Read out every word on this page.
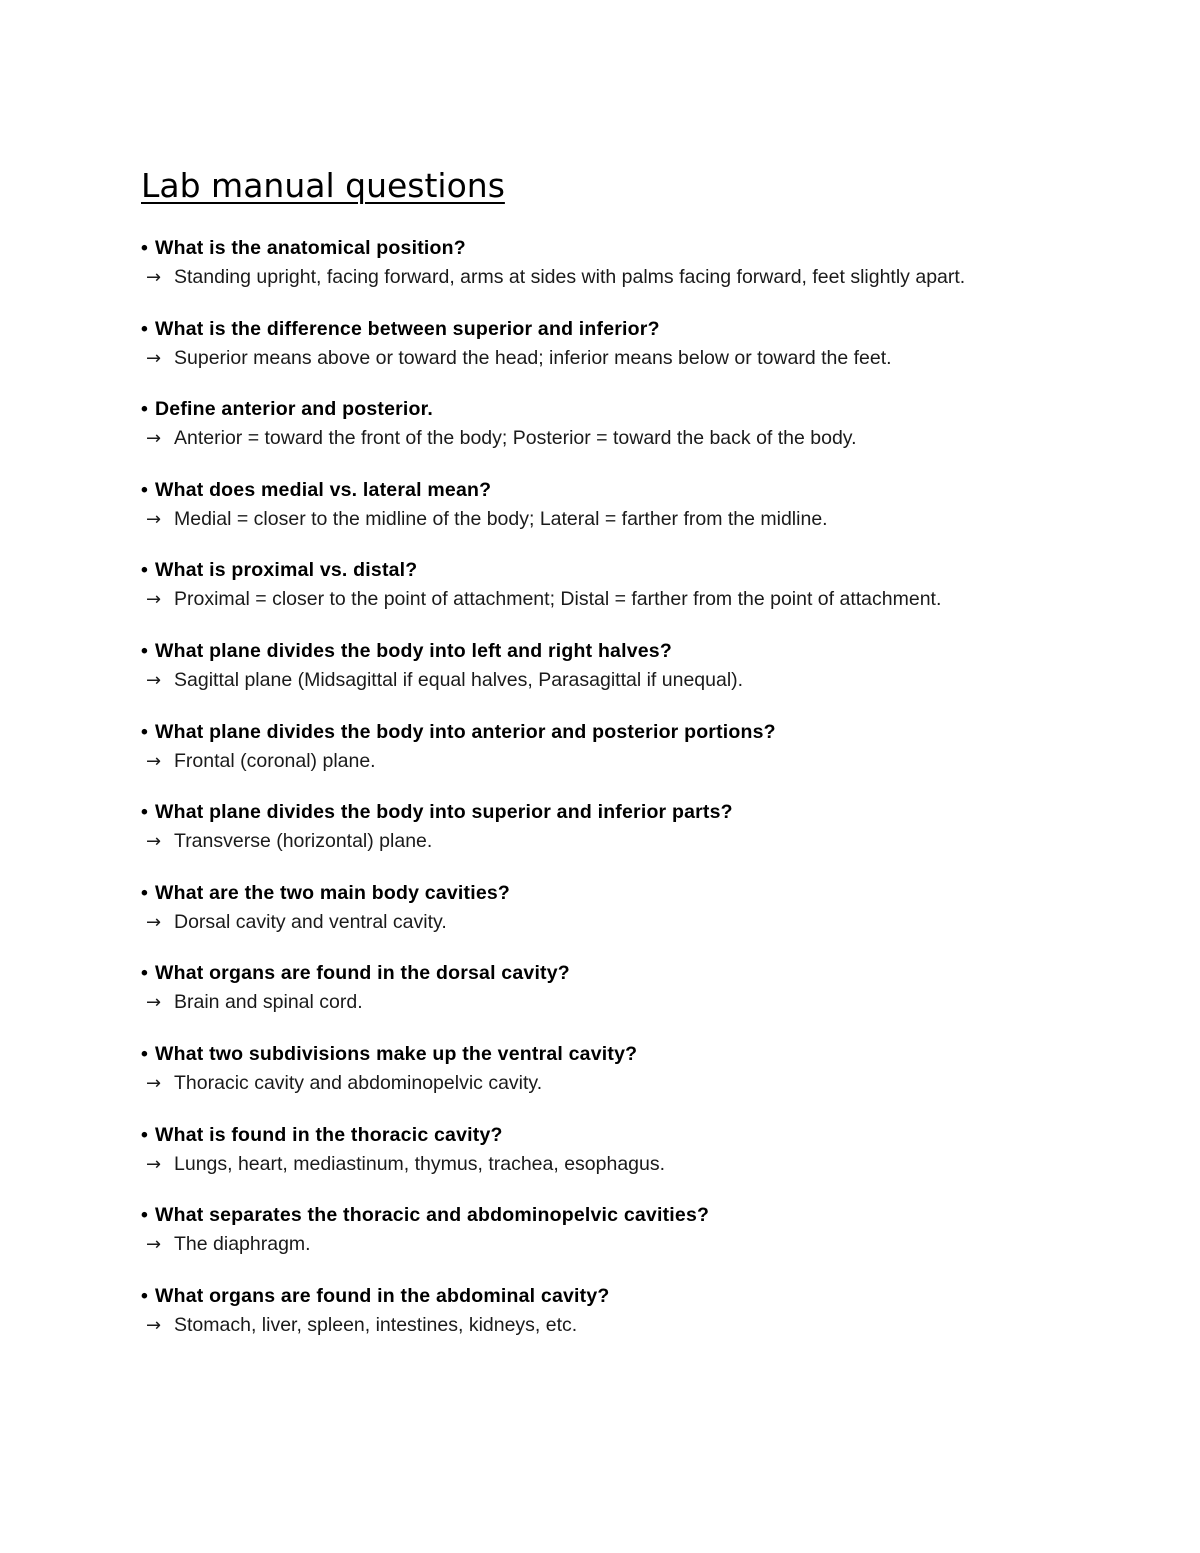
Lab manual questions
• What is the anatomical position?
→ Standing upright, facing forward, arms at sides with palms facing forward, feet slightly apart.
• What is the difference between superior and inferior?
→ Superior means above or toward the head; inferior means below or toward the feet.
• Define anterior and posterior.
→ Anterior = toward the front of the body; Posterior = toward the back of the body.
• What does medial vs. lateral mean?
→ Medial = closer to the midline of the body; Lateral = farther from the midline.
• What is proximal vs. distal?
→ Proximal = closer to the point of attachment; Distal = farther from the point of attachment.
• What plane divides the body into left and right halves?
→ Sagittal plane (Midsagittal if equal halves, Parasagittal if unequal).
• What plane divides the body into anterior and posterior portions?
→ Frontal (coronal) plane.
• What plane divides the body into superior and inferior parts?
→ Transverse (horizontal) plane.
• What are the two main body cavities?
→ Dorsal cavity and ventral cavity.
• What organs are found in the dorsal cavity?
→ Brain and spinal cord.
• What two subdivisions make up the ventral cavity?
→ Thoracic cavity and abdominopelvic cavity.
• What is found in the thoracic cavity?
→ Lungs, heart, mediastinum, thymus, trachea, esophagus.
• What separates the thoracic and abdominopelvic cavities?
→ The diaphragm.
• What organs are found in the abdominal cavity?
→ Stomach, liver, spleen, intestines, kidneys, etc.
